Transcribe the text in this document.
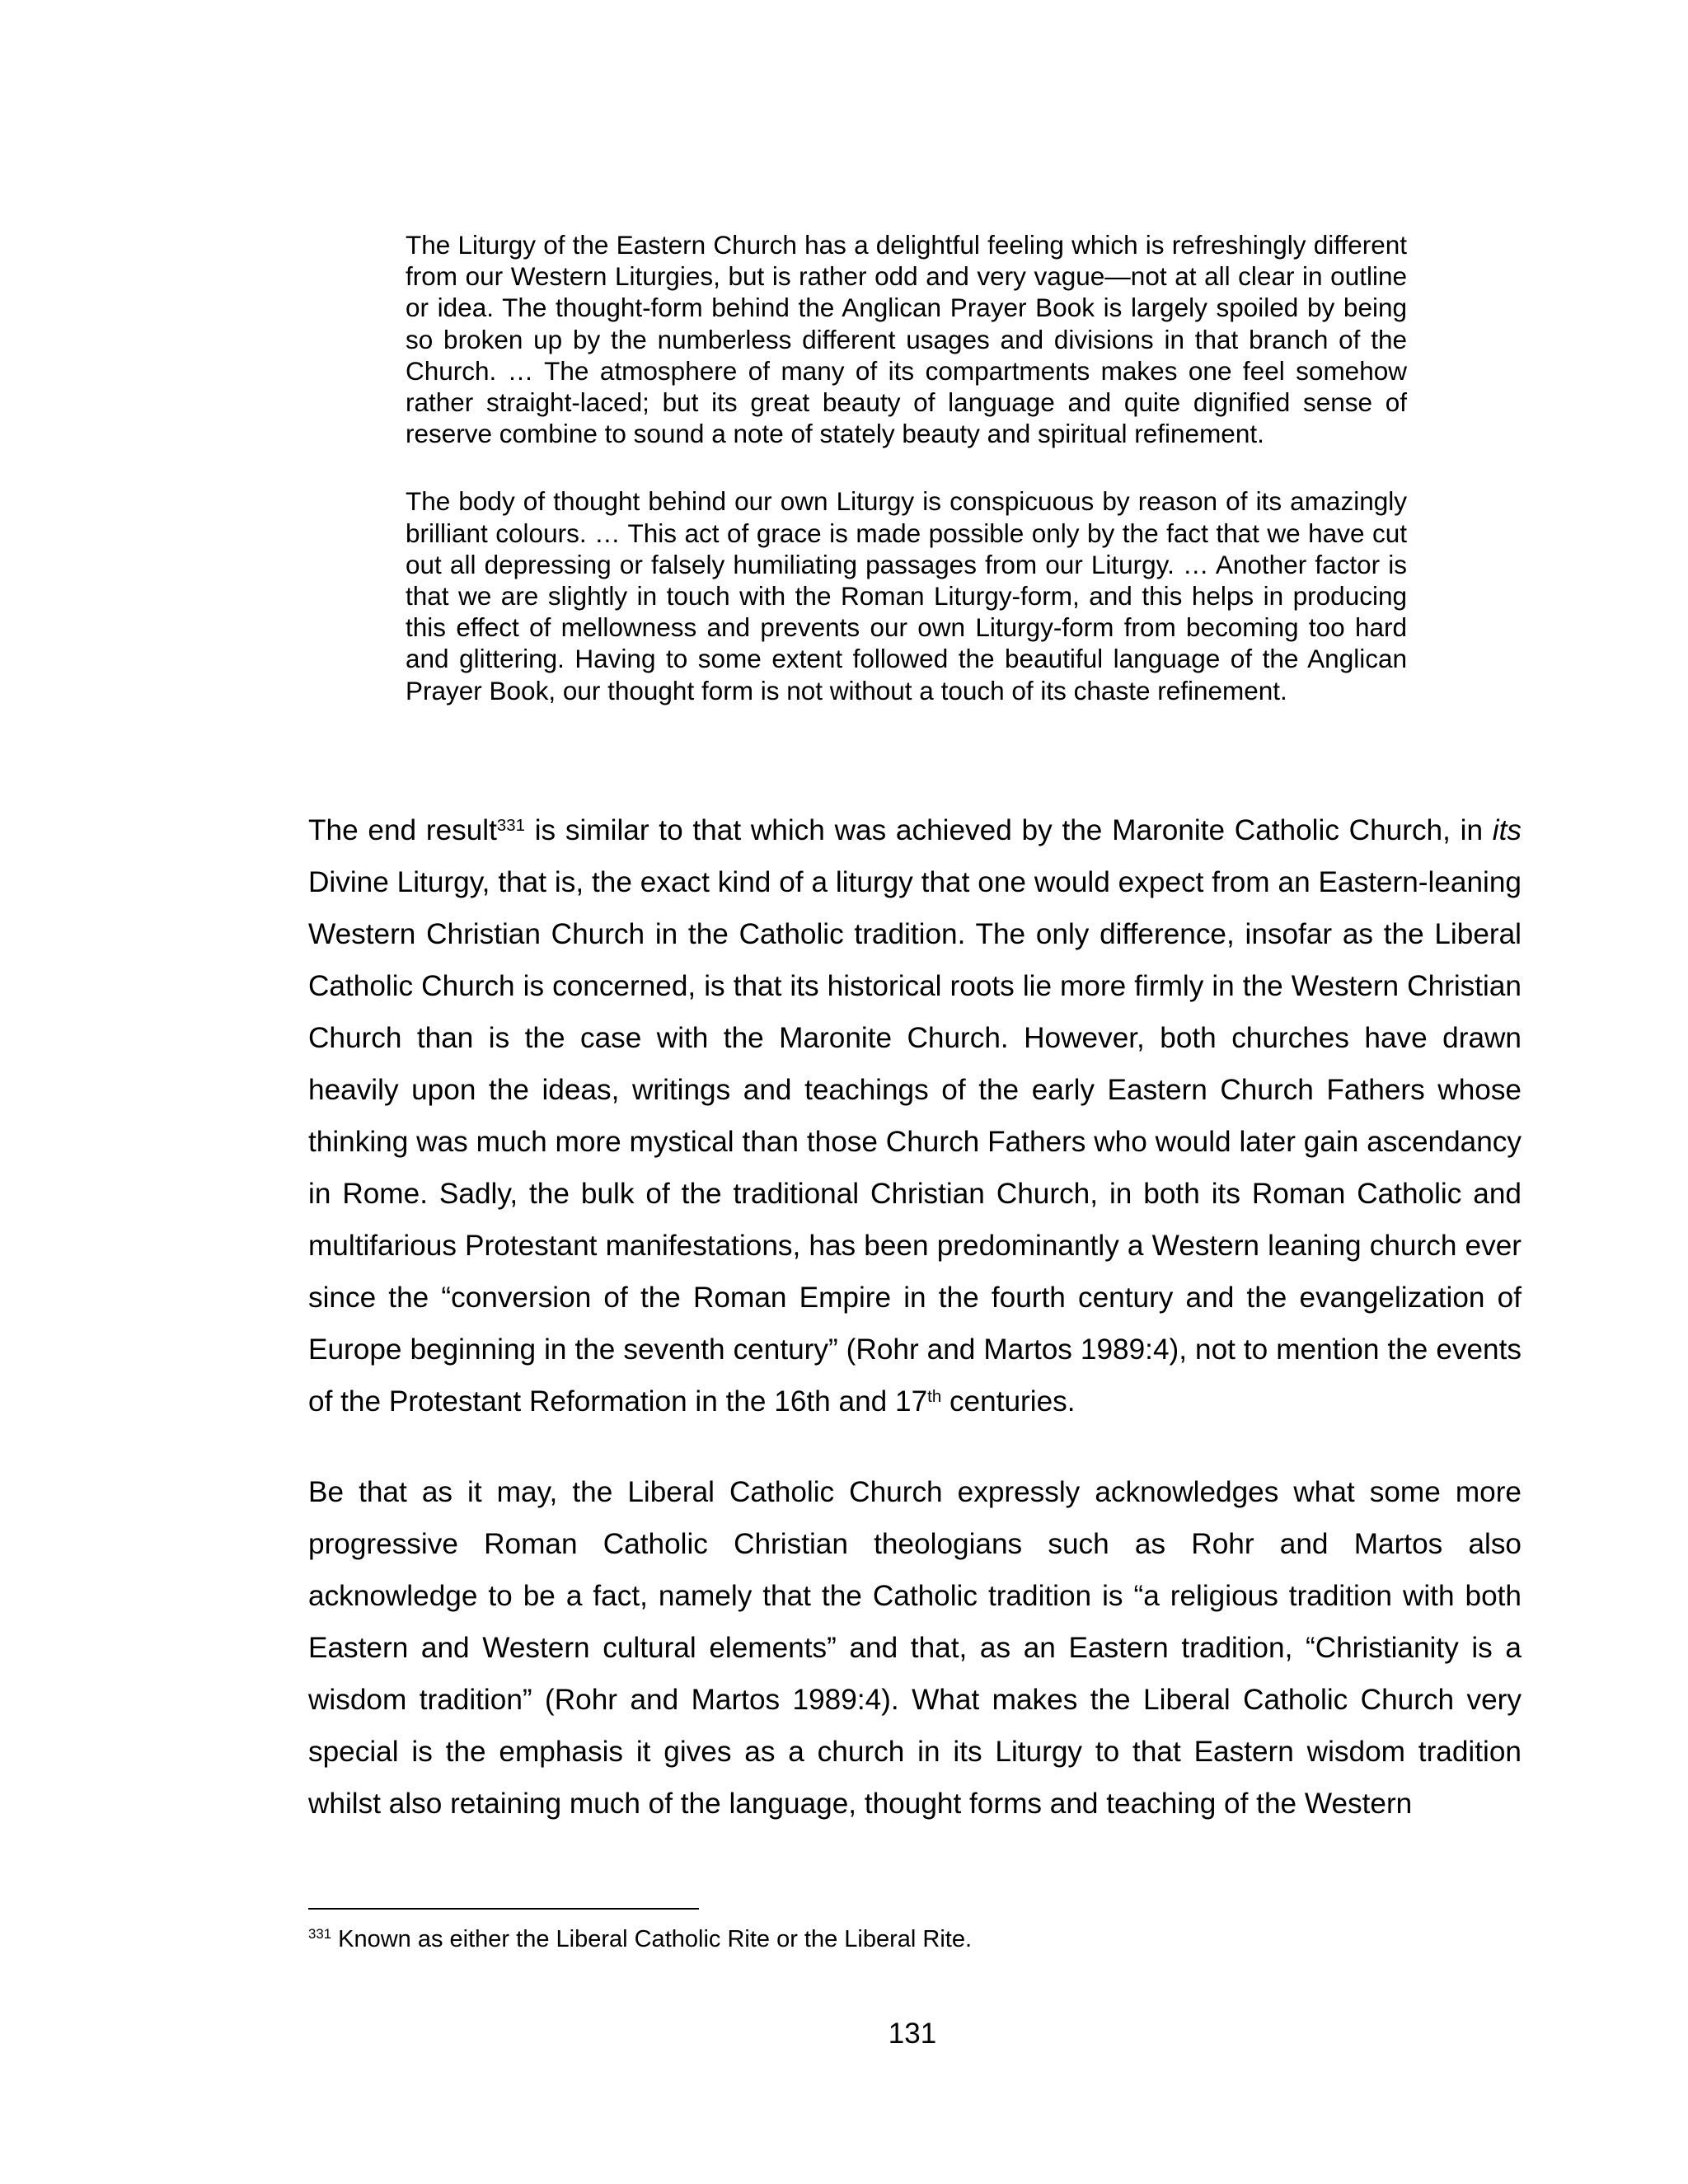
The Liturgy of the Eastern Church has a delightful feeling which is refreshingly different from our Western Liturgies, but is rather odd and very vague—not at all clear in outline or idea. The thought-form behind the Anglican Prayer Book is largely spoiled by being so broken up by the numberless different usages and divisions in that branch of the Church. … The atmosphere of many of its compartments makes one feel somehow rather straight-laced; but its great beauty of language and quite dignified sense of reserve combine to sound a note of stately beauty and spiritual refinement.

The body of thought behind our own Liturgy is conspicuous by reason of its amazingly brilliant colours. … This act of grace is made possible only by the fact that we have cut out all depressing or falsely humiliating passages from our Liturgy. … Another factor is that we are slightly in touch with the Roman Liturgy-form, and this helps in producing this effect of mellowness and prevents our own Liturgy-form from becoming too hard and glittering. Having to some extent followed the beautiful language of the Anglican Prayer Book, our thought form is not without a touch of its chaste refinement.

The end result$^{331}$ is similar to that which was achieved by the Maronite Catholic Church, in its Divine Liturgy, that is, the exact kind of a liturgy that one would expect from an Eastern-leaning Western Christian Church in the Catholic tradition. The only difference, insofar as the Liberal Catholic Church is concerned, is that its historical roots lie more firmly in the Western Christian Church than is the case with the Maronite Church. However, both churches have drawn heavily upon the ideas, writings and teachings of the early Eastern Church Fathers whose thinking was much more mystical than those Church Fathers who would later gain ascendancy in Rome. Sadly, the bulk of the traditional Christian Church, in both its Roman Catholic and multifarious Protestant manifestations, has been predominantly a Western leaning church ever since the “conversion of the Roman Empire in the fourth century and the evangelization of Europe beginning in the seventh century” (Rohr and Martos 1989:4), not to mention the events of the Protestant Reformation in the 16th and 17th centuries.

Be that as it may, the Liberal Catholic Church expressly acknowledges what some more progressive Roman Catholic Christian theologians such as Rohr and Martos also acknowledge to be a fact, namely that the Catholic tradition is “a religious tradition with both Eastern and Western cultural elements” and that, as an Eastern tradition, “Christianity is a wisdom tradition” (Rohr and Martos 1989:4). What makes the Liberal Catholic Church very special is the emphasis it gives as a church in its Liturgy to that Eastern wisdom tradition whilst also retaining much of the language, thought forms and teaching of the Western

$^{331}$ Known as either the Liberal Catholic Rite or the Liberal Rite.
131
